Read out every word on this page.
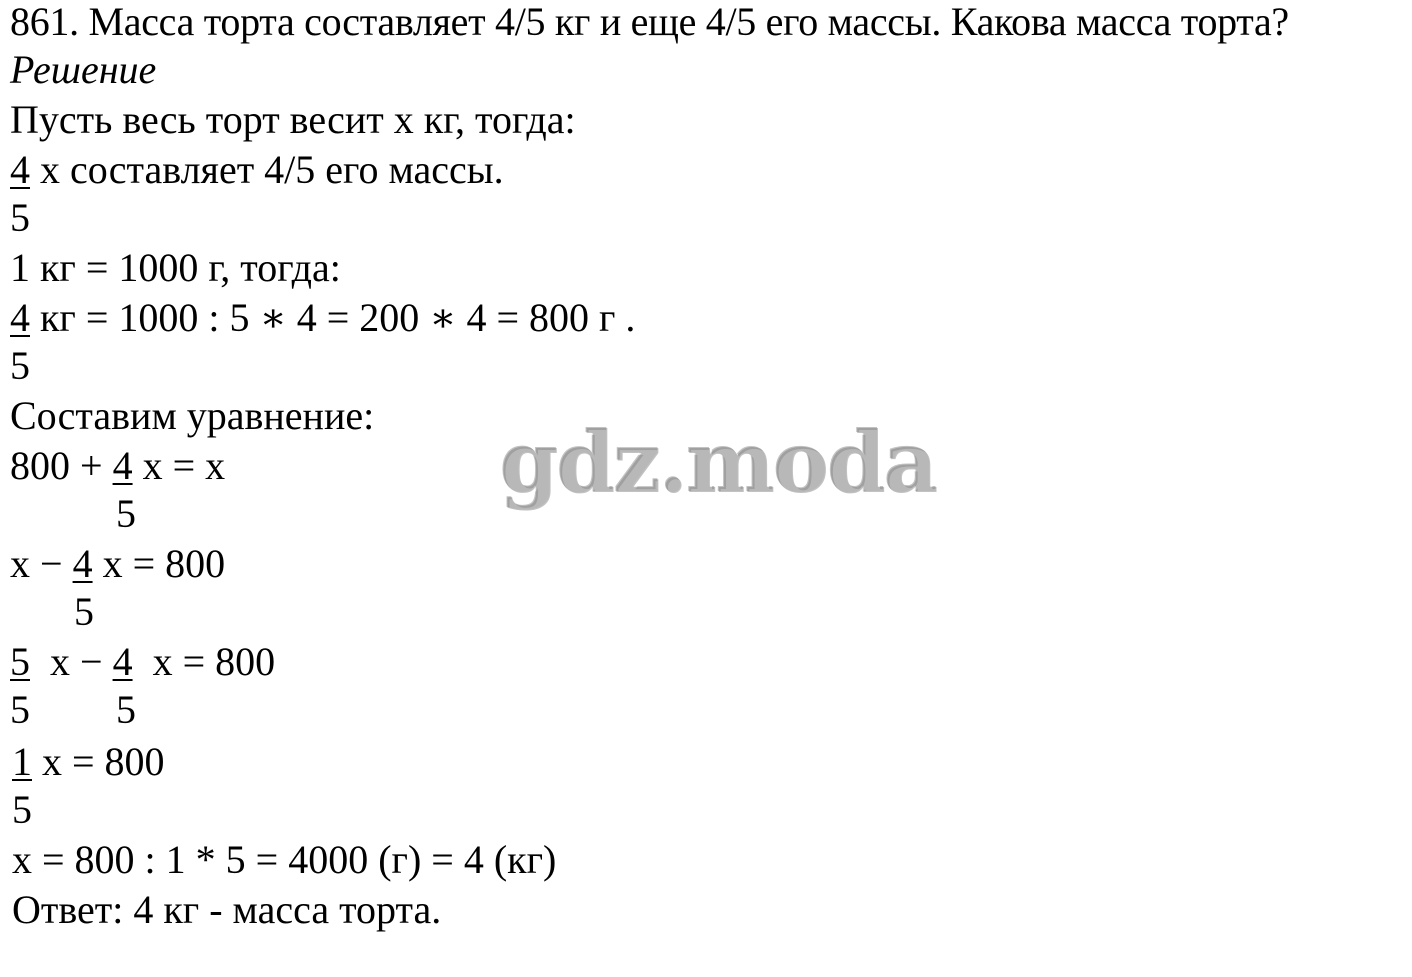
861. Масса торта составляет 4/5 кг и еще 4/5 его массы. Какова масса торта?
Решение
Пусть весь торт весит х кг, тогда:
4 х составляет 4/5 его массы.
5
1 кг = 1000 г, тогда:
4 кг = 1000 : 5 ∗ 4 = 200 ∗ 4 = 800 г .
5
Составим уравнение:
800 + 4 х = х
5
х − 4 х = 800
5
5  х − 4  х = 800
5 5
1 х = 800
5
х = 800 : 1 * 5 = 4000 (г) = 4 (кг)
Ответ: 4 кг - масса торта.
gdz.moda
